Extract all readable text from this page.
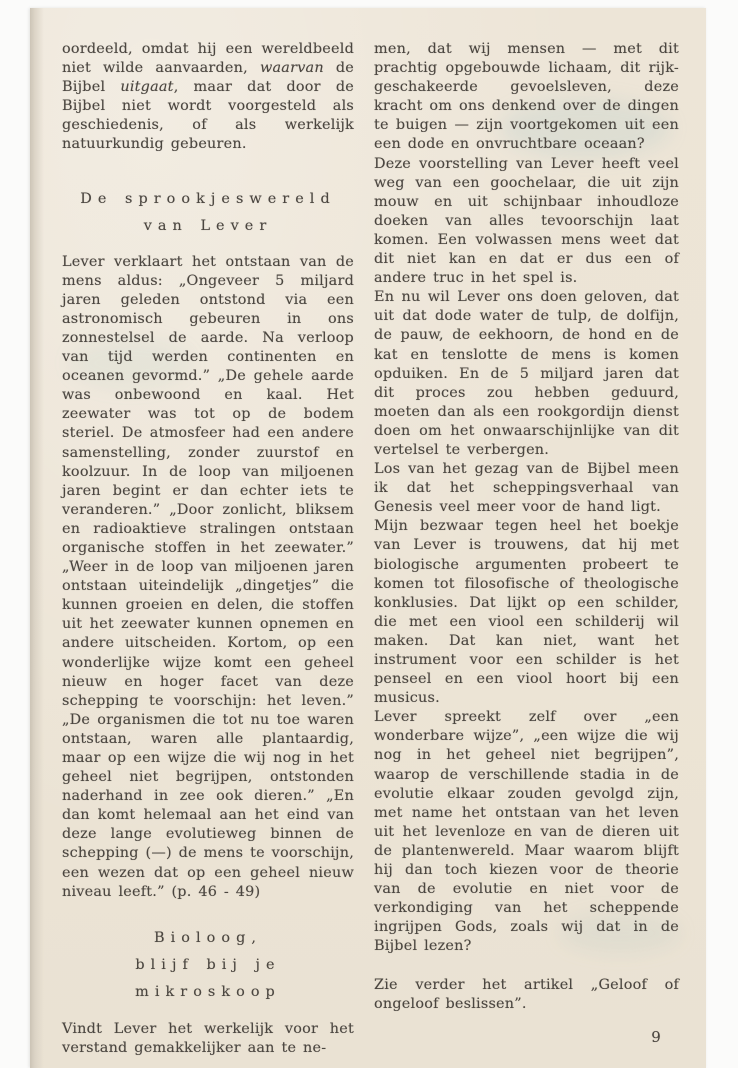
oordeeld, omdat hij een wereldbeeld niet wilde aanvaarden, waarvan de Bijbel uitgaat, maar dat door de Bijbel niet wordt voorgesteld als geschiedenis, of als werkelijk natuurkundig gebeuren.

De sprookjeswereld
van Lever

Lever verklaart het ontstaan van de mens aldus: „Ongeveer 5 miljard jaren geleden ontstond via een astronomisch gebeuren in ons zonnestelsel de aarde. Na verloop van tijd werden continenten en oceanen gevormd.” „De gehele aarde was onbewoond en kaal. Het zeewater was tot op de bodem steriel. De atmosfeer had een andere samenstelling, zonder zuurstof en koolzuur. In de loop van miljoenen jaren begint er dan echter iets te veranderen.” „Door zonlicht, bliksem en radioaktieve stralingen ontstaan organische stoffen in het zeewater.” „Weer in de loop van miljoenen jaren ontstaan uiteindelijk „dingetjes” die kunnen groeien en delen, die stoffen uit het zeewater kunnen opnemen en andere uitscheiden. Kortom, op een wonderlijke wijze komt een geheel nieuw en hoger facet van deze schepping te voorschijn: het leven.” „De organismen die tot nu toe waren ontstaan, waren alle plantaardig, maar op een wijze die wij nog in het geheel niet begrijpen, ontstonden naderhand in zee ook dieren.” „En dan komt helemaal aan het eind van deze lange evolutieweg binnen de schepping (—) de mens te voorschijn, een wezen dat op een geheel nieuw niveau leeft.” (p. 46 - 49)

Bioloog,
blijf bij je mikroskoop

Vindt Lever het werkelijk voor het verstand gemakkelijker aan te ne-

men, dat wij mensen — met dit prachtig opgebouwde lichaam, dit rijk-geschakeerde gevoelsleven, deze kracht om ons denkend over de dingen te buigen — zijn voortgekomen uit een een dode en onvruchtbare oceaan?

Deze voorstelling van Lever heeft veel weg van een goochelaar, die uit zijn mouw en uit schijnbaar inhoudloze doeken van alles tevoorschijn laat komen. Een volwassen mens weet dat dit niet kan en dat er dus een of andere truc in het spel is.

En nu wil Lever ons doen geloven, dat uit dat dode water de tulp, de dolfijn, de pauw, de eekhoorn, de hond en de kat en tenslotte de mens is komen opduiken. En de 5 miljard jaren dat dit proces zou hebben geduurd, moeten dan als een rookgordijn dienst doen om het onwaarschijnlijke van dit vertelsel te verbergen.

Los van het gezag van de Bijbel meen ik dat het scheppingsverhaal van Genesis veel meer voor de hand ligt.

Mijn bezwaar tegen heel het boekje van Lever is trouwens, dat hij met biologische argumenten probeert te komen tot filosofische of theologische konklusies. Dat lijkt op een schilder, die met een viool een schilderij wil maken. Dat kan niet, want het instrument voor een schilder is het penseel en een viool hoort bij een musicus.

Lever spreekt zelf over „een wonderbare wijze”, „een wijze die wij nog in het geheel niet begrijpen”, waarop de verschillende stadia in de evolutie elkaar zouden gevolgd zijn, met name het ontstaan van het leven uit het levenloze en van de dieren uit de plantenwereld. Maar waarom blijft hij dan toch kiezen voor de theorie van de evolutie en niet voor de verkondiging van het scheppende ingrijpen Gods, zoals wij dat in de Bijbel lezen?

Zie verder het artikel „Geloof of ongeloof beslissen”.

9
